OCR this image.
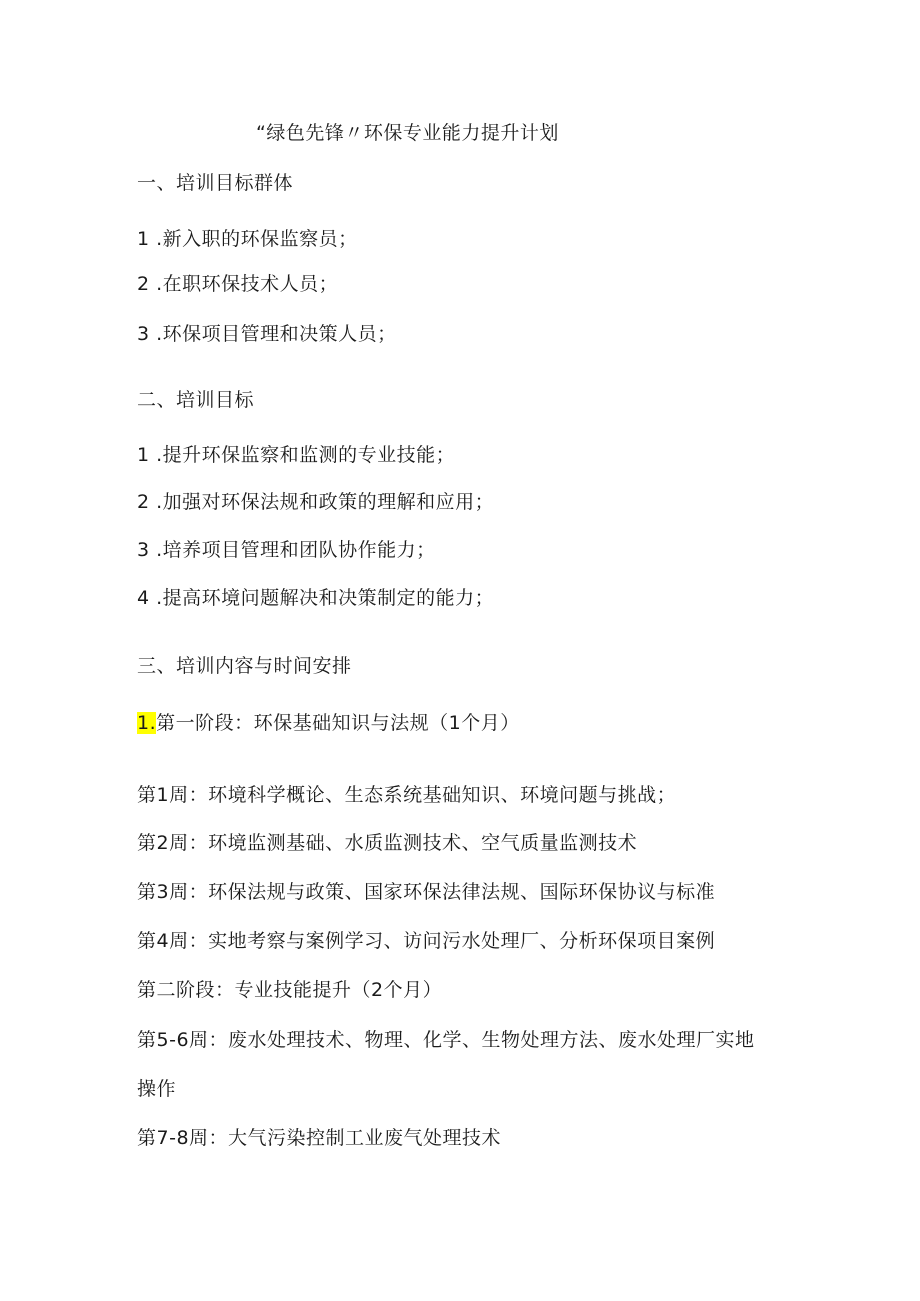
“绿色先锋〃环保专业能力提升计划
一、培训目标群体
1 .新入职的环保监察员；
2 .在职环保技术人员；
3 .环保项目管理和决策人员；
二、培训目标
1 .提升环保监察和监测的专业技能；
2 .加强对环保法规和政策的理解和应用；
3 .培养项目管理和团队协作能力；
4 .提高环境问题解决和决策制定的能力；
三、培训内容与时间安排
1.第一阶段：环保基础知识与法规（1个月）
第1周：环境科学概论、生态系统基础知识、环境问题与挑战；
第2周：环境监测基础、水质监测技术、空气质量监测技术
第3周：环保法规与政策、国家环保法律法规、国际环保协议与标准
第4周：实地考察与案例学习、访问污水处理厂、分析环保项目案例
第二阶段：专业技能提升（2个月）
第5-6周：废水处理技术、物理、化学、生物处理方法、废水处理厂实地
操作
第7-8周：大气污染控制工业废气处理技术
